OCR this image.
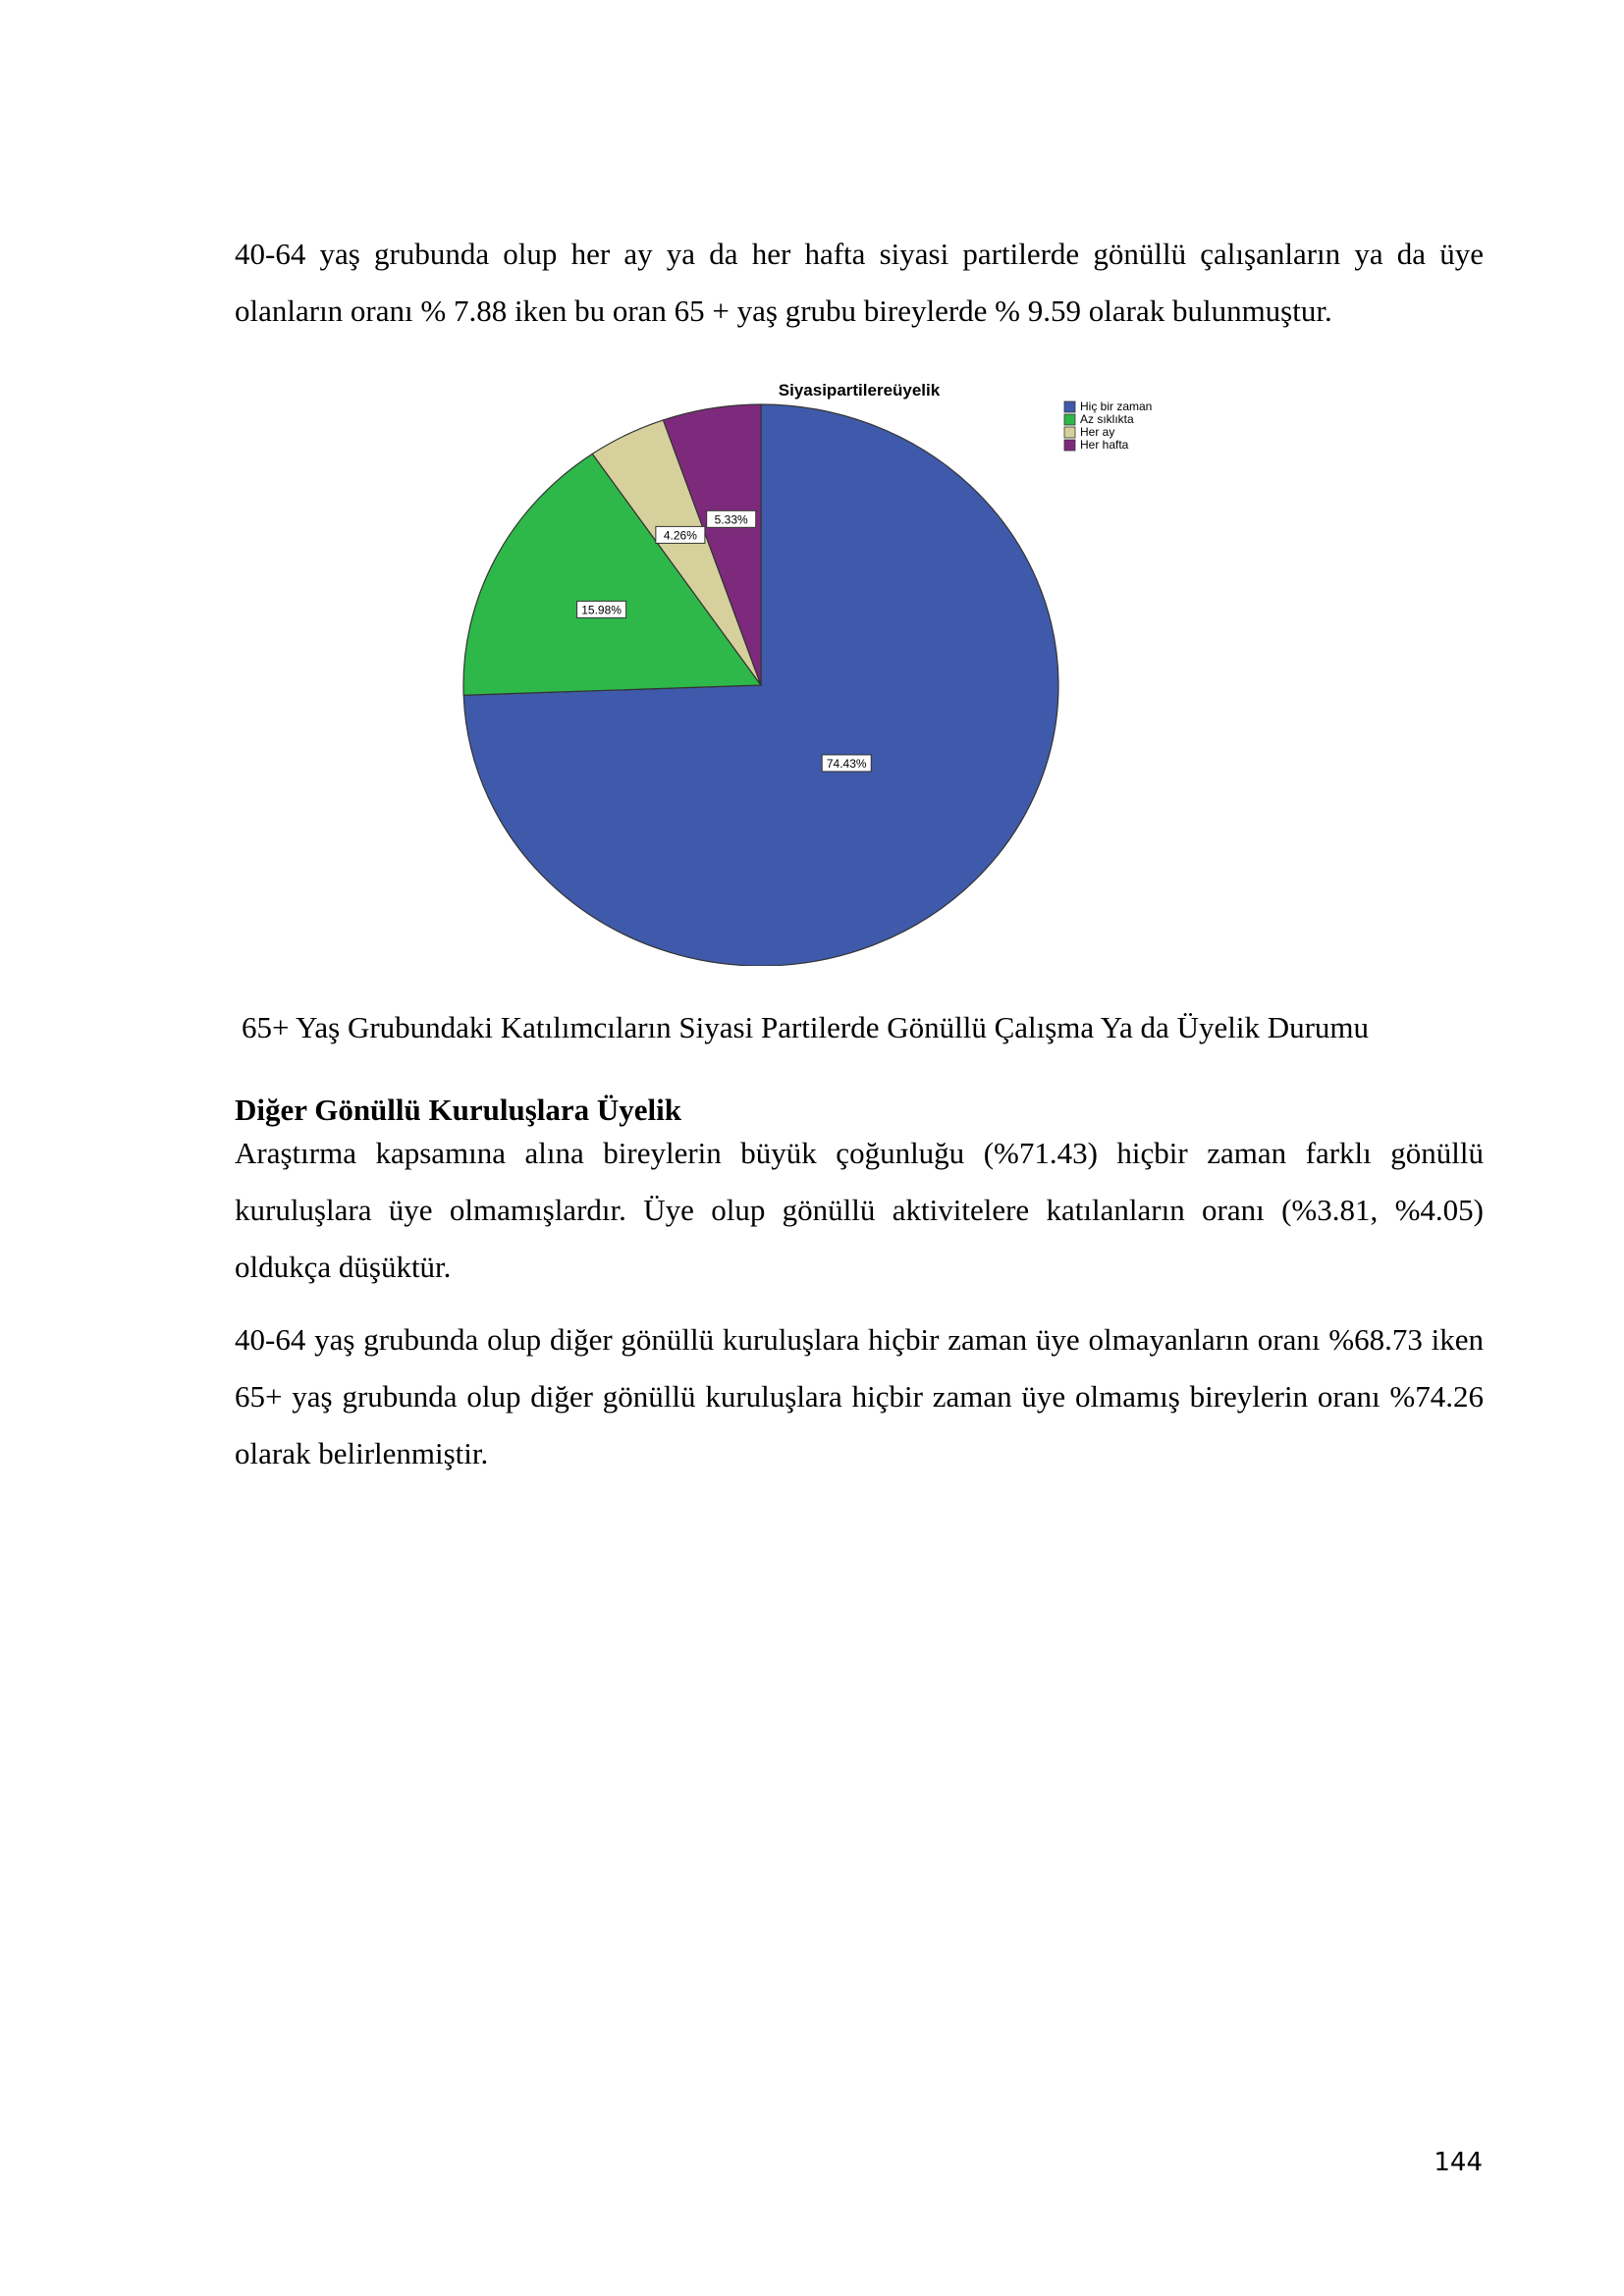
40-64 yaş grubunda olup her ay ya da her hafta siyasi partilerde gönüllü çalışanların ya da üye olanların oranı % 7.88 iken bu oran 65 + yaş grubu bireylerde % 9.59 olarak bulunmuştur.

Siyasipartilereüyelik
74.43%
15.98%
4.26%
5.33%
Hiç bir zaman
Az sıklıkta
Her ay
Her hafta

65+ Yaş Grubundaki Katılımcıların Siyasi Partilerde Gönüllü Çalışma Ya da Üyelik Durumu

Diğer Gönüllü Kuruluşlara Üyelik

Araştırma kapsamına alına bireylerin büyük çoğunluğu (%71.43) hiçbir zaman farklı gönüllü kuruluşlara üye olmamışlardır. Üye olup gönüllü aktivitelere katılanların oranı (%3.81, %4.05) oldukça düşüktür.

40-64 yaş grubunda olup diğer gönüllü kuruluşlara hiçbir zaman üye olmayanların oranı %68.73 iken 65+ yaş grubunda olup diğer gönüllü kuruluşlara hiçbir zaman üye olmamış bireylerin oranı %74.26 olarak belirlenmiştir.

144
